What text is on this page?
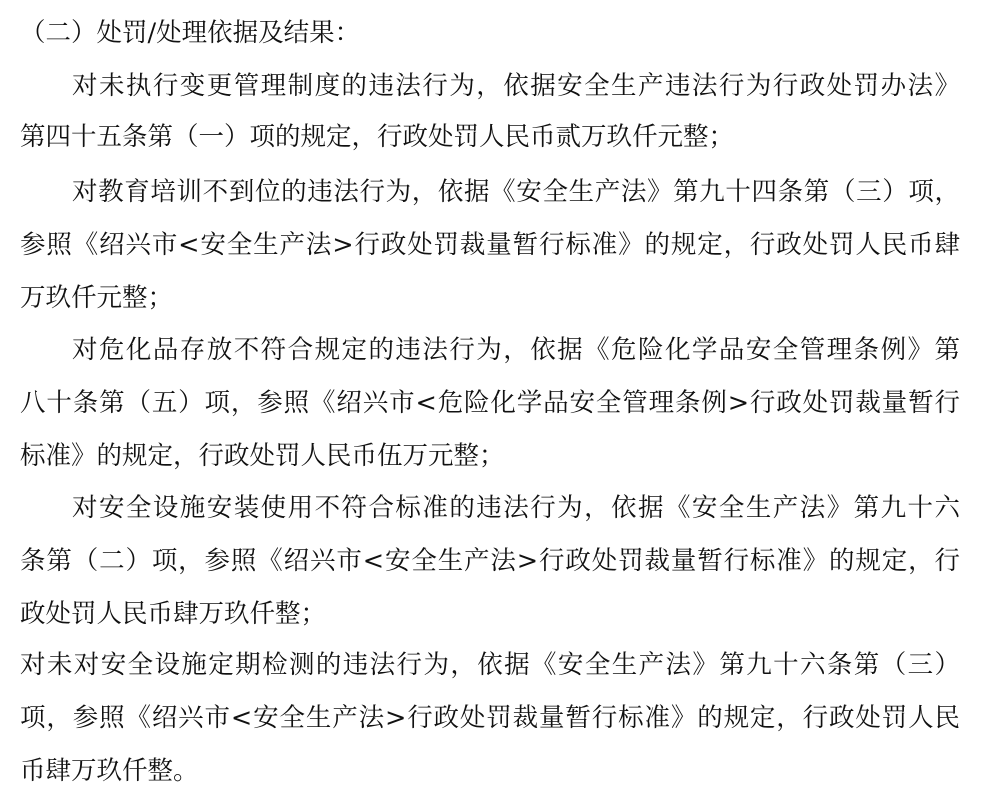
（二）处罚/处理依据及结果：
对未执行变更管理制度的违法行为，依据安全生产违法行为行政处罚办法》
第四十五条第（一）项的规定，行政处罚人民币贰万玖仟元整；
对教育培训不到位的违法行为，依据《安全生产法》第九十四条第（三）项，
参照《绍兴市<安全生产法>行政处罚裁量暂行标准》的规定，行政处罚人民币肆
万玖仟元整；
对危化品存放不符合规定的违法行为，依据《危险化学品安全管理条例》第
八十条第（五）项，参照《绍兴市<危险化学品安全管理条例>行政处罚裁量暂行
标准》的规定，行政处罚人民币伍万元整；
对安全设施安装使用不符合标准的违法行为，依据《安全生产法》第九十六
条第（二）项，参照《绍兴市<安全生产法>行政处罚裁量暂行标准》的规定，行
政处罚人民币肆万玖仟整；
对未对安全设施定期检测的违法行为，依据《安全生产法》第九十六条第（三）
项，参照《绍兴市<安全生产法>行政处罚裁量暂行标准》的规定，行政处罚人民
币肆万玖仟整。
